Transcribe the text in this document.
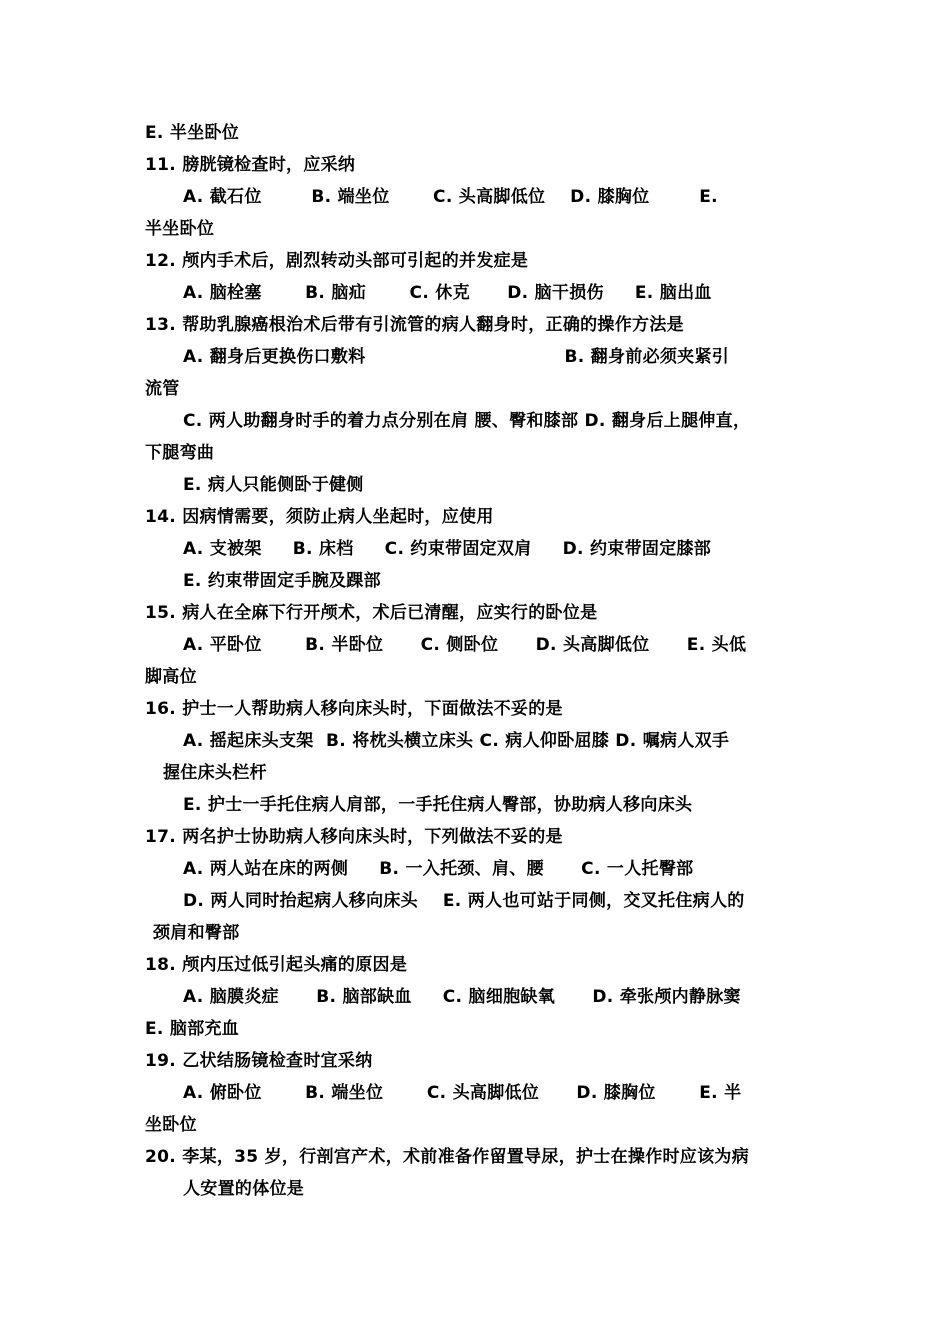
E. 半坐卧位
11. 膀胱镜检查时，应采纳
A. 截石位        B. 端坐位       C. 头高脚低位    D. 膝胸位        E.
半坐卧位
12. 颅内手术后，剧烈转动头部可引起的并发症是
A. 脑栓塞       B. 脑疝       C. 休克      D. 脑干损伤     E. 脑出血
13. 帮助乳腺癌根治术后带有引流管的病人翻身时，正确的操作方法是
A. 翻身后更换伤口敷料                                B. 翻身前必须夹紧引
流管
C. 两人助翻身时手的着力点分别在肩 腰、臀和膝部 D. 翻身后上腿伸直，
下腿弯曲
E. 病人只能侧卧于健侧
14. 因病情需要，须防止病人坐起时，应使用
A. 支被架     B. 床档     C. 约束带固定双肩     D. 约束带固定膝部
E. 约束带固定手腕及踝部
15. 病人在全麻下行开颅术，术后已清醒，应实行的卧位是
A. 平卧位       B. 半卧位      C. 侧卧位      D. 头高脚低位      E. 头低
脚高位
16. 护士一人帮助病人移向床头时，下面做法不妥的是
A. 摇起床头支架  B. 将枕头横立床头 C. 病人仰卧屈膝 D. 嘱病人双手
握住床头栏杆
E. 护士一手托住病人肩部，一手托住病人臀部，协助病人移向床头
17. 两名护士协助病人移向床头时，下列做法不妥的是
A. 两人站在床的两侧     B. 一入托颈、肩、腰      C. 一人托臀部
D. 两人同时抬起病人移向床头    E. 两人也可站于同侧，交叉托住病人的
颈肩和臀部
18. 颅内压过低引起头痛的原因是
A. 脑膜炎症      B. 脑部缺血     C. 脑细胞缺氧      D. 牵张颅内静脉窦
E. 脑部充血
19. 乙状结肠镜检查时宜采纳
A. 俯卧位       B. 端坐位       C. 头高脚低位      D. 膝胸位       E. 半
坐卧位
20. 李某，35 岁，行剖宫产术，术前准备作留置导尿，护士在操作时应该为病
人安置的体位是
